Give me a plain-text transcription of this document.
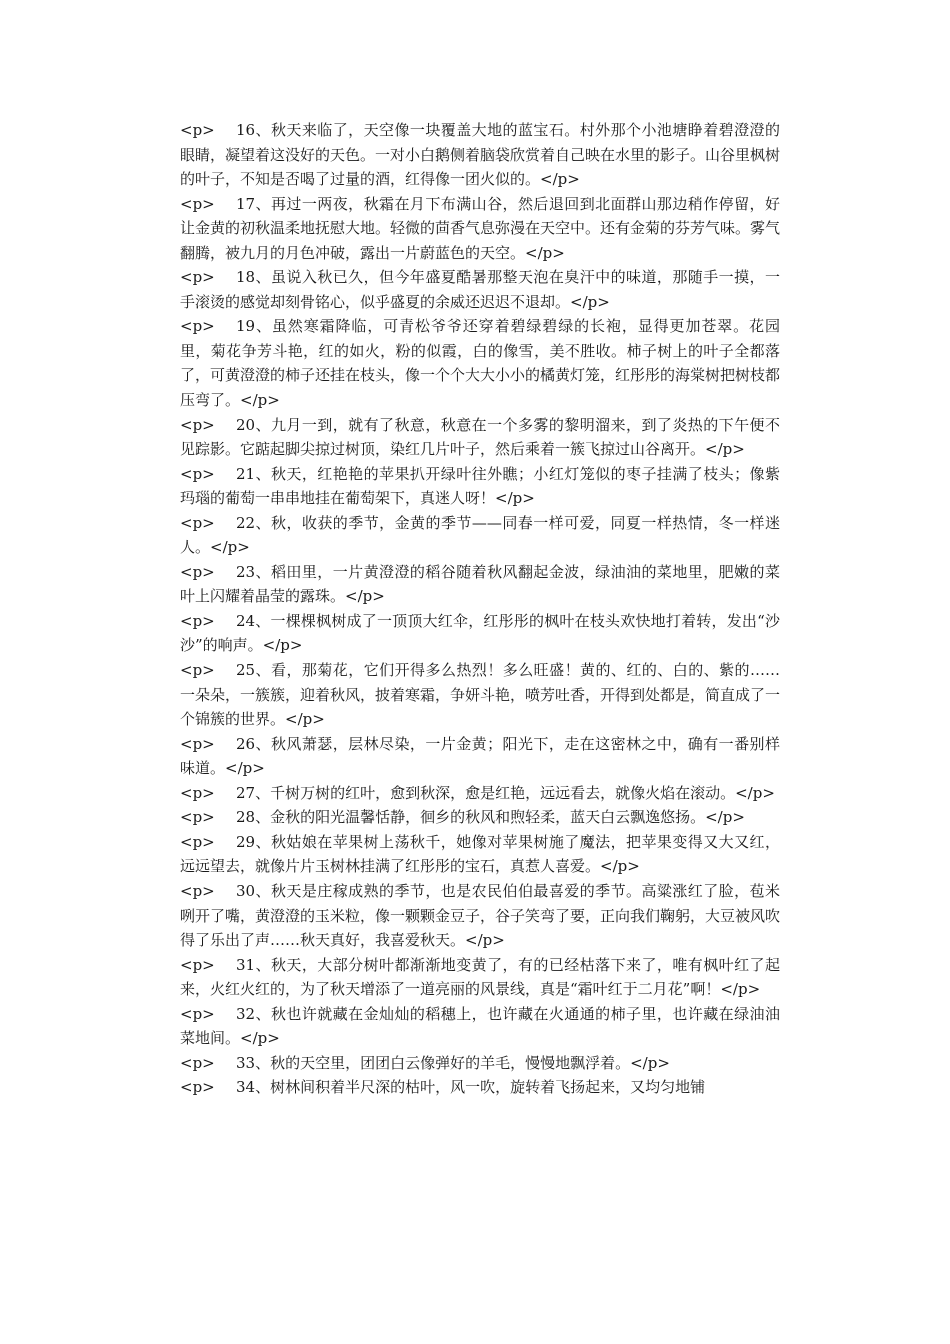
<p> 16、秋天来临了，天空像一块覆盖大地的蓝宝石。村外那个小池塘睁着碧澄澄的眼睛，凝望着这没好的天色。一对小白鹅侧着脑袋欣赏着自己映在水里的影子。山谷里枫树的叶子，不知是否喝了过量的酒，红得像一团火似的。</p>

<p> 17、再过一两夜，秋霜在月下布满山谷，然后退回到北面群山那边稍作停留，好让金黄的初秋温柔地抚慰大地。轻微的茴香气息弥漫在天空中。还有金菊的芬芳气味。雾气翻腾，被九月的月色冲破，露出一片蔚蓝色的天空。</p>

<p> 18、虽说入秋已久，但今年盛夏酷暑那整天泡在臭汗中的味道，那随手一摸，一手滚烫的感觉却刻骨铭心，似乎盛夏的余威还迟迟不退却。</p>

<p> 19、虽然寒霜降临，可青松爷爷还穿着碧绿碧绿的长袍，显得更加苍翠。花园里，菊花争芳斗艳，红的如火，粉的似霞，白的像雪，美不胜收。柿子树上的叶子全都落了，可黄澄澄的柿子还挂在枝头，像一个个大大小小的橘黄灯笼，红彤彤的海棠树把树枝都压弯了。</p>

<p> 20、九月一到，就有了秋意，秋意在一个多雾的黎明溜来，到了炎热的下午便不见踪影。它踮起脚尖掠过树顶，染红几片叶子，然后乘着一簇飞掠过山谷离开。</p>

<p> 21、秋天，红艳艳的苹果扒开绿叶往外瞧；小红灯笼似的枣子挂满了枝头；像紫玛瑙的葡萄一串串地挂在葡萄架下，真迷人呀！</p>

<p> 22、秋，收获的季节，金黄的季节——同春一样可爱，同夏一样热情，冬一样迷人。</p>

<p> 23、稻田里，一片黄澄澄的稻谷随着秋风翻起金波，绿油油的菜地里，肥嫩的菜叶上闪耀着晶莹的露珠。</p>

<p> 24、一棵棵枫树成了一顶顶大红伞，红彤彤的枫叶在枝头欢快地打着转，发出“沙沙”的响声。</p>

<p> 25、看，那菊花，它们开得多么热烈！多么旺盛！黄的、红的、白的、紫的……一朵朵，一簇簇，迎着秋风，披着寒霜，争妍斗艳，喷芳吐香，开得到处都是，简直成了一个锦簇的世界。</p>

<p> 26、秋风萧瑟，层林尽染，一片金黄；阳光下，走在这密林之中，确有一番别样味道。</p>

<p> 27、千树万树的红叶，愈到秋深，愈是红艳，远远看去，就像火焰在滚动。</p>

<p> 28、金秋的阳光温馨恬静，徊乡的秋风和煦轻柔，蓝天白云飘逸悠扬。</p>

<p> 29、秋姑娘在苹果树上荡秋千，她像对苹果树施了魔法，把苹果变得又大又红，远远望去，就像片片玉树林挂满了红彤彤的宝石，真惹人喜爱。</p>

<p> 30、秋天是庄稼成熟的季节，也是农民伯伯最喜爱的季节。高粱涨红了脸，苞米咧开了嘴，黄澄澄的玉米粒，像一颗颗金豆子，谷子笑弯了要，正向我们鞠躬，大豆被风吹得了乐出了声……秋天真好，我喜爱秋天。</p>

<p> 31、秋天，大部分树叶都渐渐地变黄了，有的已经枯落下来了，唯有枫叶红了起来，火红火红的，为了秋天增添了一道亮丽的风景线，真是“霜叶红于二月花”啊！</p>

<p> 32、秋也许就藏在金灿灿的稻穗上，也许藏在火通通的柿子里，也许藏在绿油油菜地间。</p>

<p> 33、秋的天空里，团团白云像弹好的羊毛，慢慢地飘浮着。</p>

<p> 34、树林间积着半尺深的枯叶，风一吹，旋转着飞扬起来，又均匀地铺
